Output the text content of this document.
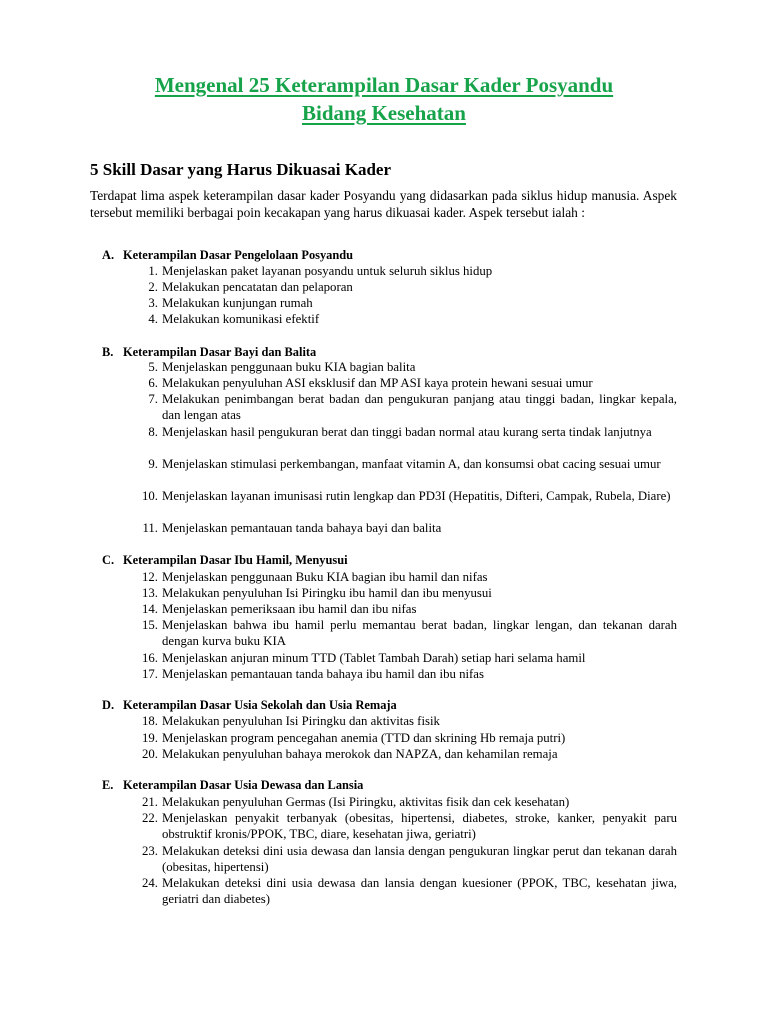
Mengenal 25 Keterampilan Dasar Kader Posyandu
Bidang Kesehatan
5 Skill Dasar yang Harus Dikuasai Kader
Terdapat lima aspek keterampilan dasar kader Posyandu yang didasarkan pada siklus hidup manusia. Aspek tersebut memiliki berbagai poin kecakapan yang harus dikuasai kader. Aspek tersebut ialah :
A. Keterampilan Dasar Pengelolaan Posyandu
1. Menjelaskan paket layanan posyandu untuk seluruh siklus hidup
2. Melakukan pencatatan dan pelaporan
3. Melakukan kunjungan rumah
4. Melakukan komunikasi efektif
B. Keterampilan Dasar Bayi dan Balita
5. Menjelaskan penggunaan buku KIA bagian balita
6. Melakukan penyuluhan ASI eksklusif dan MP ASI kaya protein hewani sesuai umur
7. Melakukan penimbangan berat badan dan pengukuran panjang atau tinggi badan, lingkar kepala, dan lengan atas
8. Menjelaskan hasil pengukuran berat dan tinggi badan normal atau kurang serta tindak lanjutnya
9. Menjelaskan stimulasi perkembangan, manfaat vitamin A, dan konsumsi obat cacing sesuai umur
10. Menjelaskan layanan imunisasi rutin lengkap dan PD3I (Hepatitis, Difteri, Campak, Rubela, Diare)
11. Menjelaskan pemantauan tanda bahaya bayi dan balita
C. Keterampilan Dasar Ibu Hamil, Menyusui
12. Menjelaskan penggunaan Buku KIA bagian ibu hamil dan nifas
13. Melakukan penyuluhan Isi Piringku ibu hamil dan ibu menyusui
14. Menjelaskan pemeriksaan ibu hamil dan ibu nifas
15. Menjelaskan bahwa ibu hamil perlu memantau berat badan, lingkar lengan, dan tekanan darah dengan kurva buku KIA
16. Menjelaskan anjuran minum TTD (Tablet Tambah Darah) setiap hari selama hamil
17. Menjelaskan pemantauan tanda bahaya ibu hamil dan ibu nifas
D. Keterampilan Dasar Usia Sekolah dan Usia Remaja
18. Melakukan penyuluhan Isi Piringku dan aktivitas fisik
19. Menjelaskan program pencegahan anemia (TTD dan skrining Hb remaja putri)
20. Melakukan penyuluhan bahaya merokok dan NAPZA, dan kehamilan remaja
E. Keterampilan Dasar Usia Dewasa dan Lansia
21. Melakukan penyuluhan Germas (Isi Piringku, aktivitas fisik dan cek kesehatan)
22. Menjelaskan penyakit terbanyak (obesitas, hipertensi, diabetes, stroke, kanker, penyakit paru obstruktif kronis/PPOK, TBC, diare, kesehatan jiwa, geriatri)
23. Melakukan deteksi dini usia dewasa dan lansia dengan pengukuran lingkar perut dan tekanan darah (obesitas, hipertensi)
24. Melakukan deteksi dini usia dewasa dan lansia dengan kuesioner (PPOK, TBC, kesehatan jiwa, geriatri dan diabetes)
